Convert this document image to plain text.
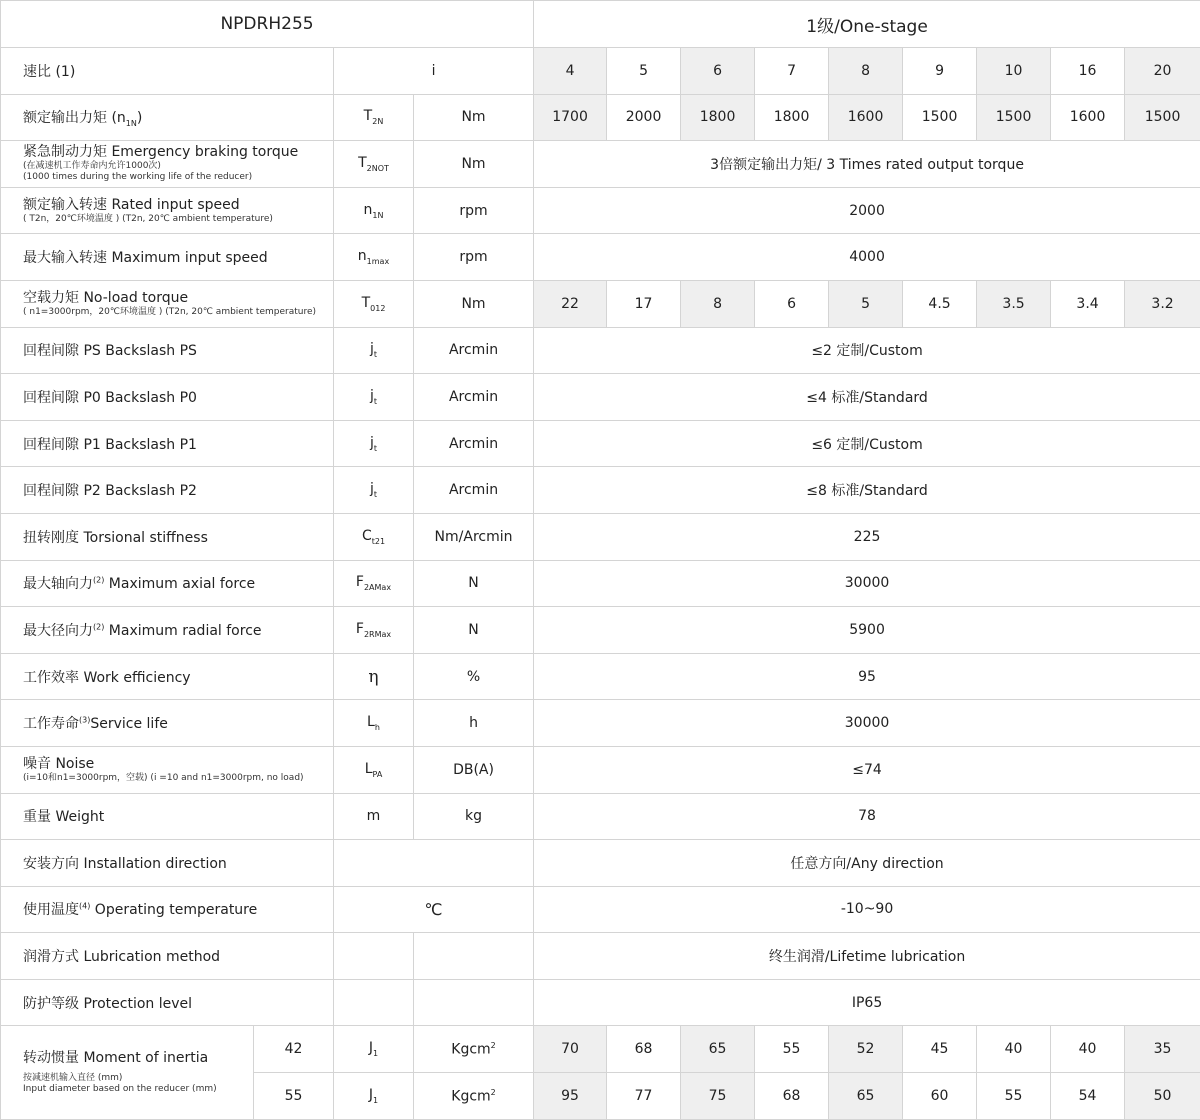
NPDRH255				1级/One-stage								
速比 (1)		i		4	5	6	7	8	9	10	16	20
额定输出力矩 $(n_{1N})$		$T_{2N}$	Nm	1700	2000	1800	1800	1600	1500	1500	1600	1500

紧急制动力矩 Emergency braking torque
(在减速机工作寿命内允许1000次)
(1000 times during the working life of the reducer)		$T_{2NOT}$	Nm	3倍额定输出力矩/ 3 Times rated output torque								

额定输入转速 Rated input speed
( T2n，20℃环境温度 ) (T2n, 20℃ ambient temperature)		$n_{1N}$	rpm	2000								
最大输入转速 Maximum input speed		$n_{1max}$	rpm	4000								

空载力矩 No-load torque
( n1=3000rpm，20℃环境温度 ) (T2n, 20℃ ambient temperature)		$T_{012}$	Nm	22	17	8	6	5	4.5	3.5	3.4	3.2
回程间隙 PS Backslash PS		$j_t$	Arcmin	≤2 定制/Custom								
回程间隙 P0 Backslash P0		$j_t$	Arcmin	≤4 标准/Standard								
回程间隙 P1 Backslash P1		$j_t$	Arcmin	≤6 定制/Custom								
回程间隙 P2 Backslash P2		$j_t$	Arcmin	≤8 标准/Standard								
扭转刚度 Torsional stiffness		$C_{t21}$	Nm/Arcmin	225								
最大轴向力$^{(2)}$ Maximum axial force		$F_{2AMax}$	N	30000								
最大径向力$^{(2)}$ Maximum radial force		$F_{2RMax}$	N	5900								
工作效率 Work efficiency		η	%	95								
工作寿命$^{(3)}$Service life		$L_h$	h	30000								

噪音 Noise
(i=10和n1=3000rpm，空载) (i =10 and n1=3000rpm, no load)		$L_{PA}$	DB(A)	≤74								
重量 Weight		m	kg	78								
安装方向 Installation direction				任意方向/Any direction								
使用温度$^{(4)}$ Operating temperature		℃		-10~90								
润滑方式 Lubrication method				终生润滑/Lifetime lubrication								
防护等级 Protection level				IP65								

转动惯量 Moment of inertia
按减速机输入直径 (mm)
Input diameter based on the reducer (mm)	42	$J_1$	Kgcm$^2$	70	68	65	55	52	45	40	40	35
	55	$J_1$	Kgcm$^2$	95	77	75	68	65	60	55	54	50
